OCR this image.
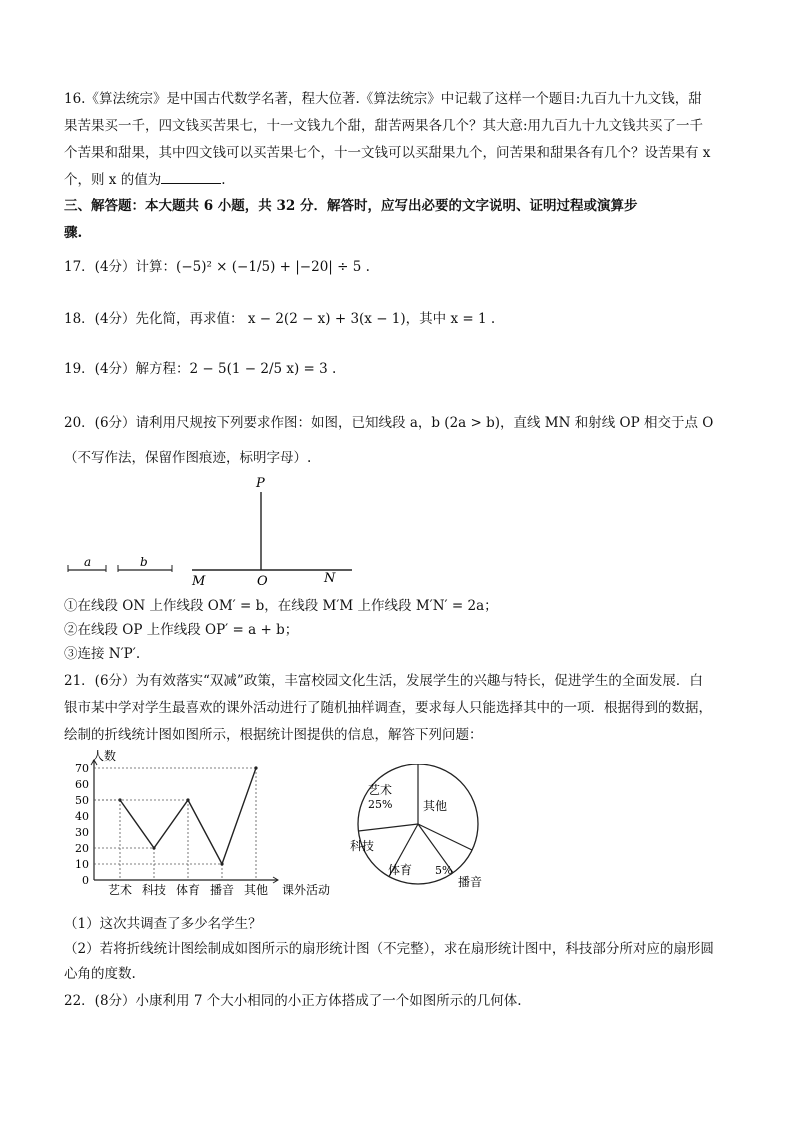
16.《算法统宗》是中国古代数学名著，程大位著.《算法统宗》中记载了这样一个题目:九百九十九文钱，甜
果苦果买一千，四文钱买苦果七，十一文钱九个甜，甜苦两果各几个？其大意:用九百九十九文钱共买了一千
个苦果和甜果，其中四文钱可以买苦果七个，十一文钱可以买甜果九个，问苦果和甜果各有几个？设苦果有 x
个，则 x 的值为	.
三、解答题：本大题共 6 小题，共 32 分．解答时，应写出必要的文字说明、证明过程或演算步
骤.
17．(4分）计算：(−5)² × (−1/5) + |−20| ÷ 5 .
18．(4分）先化简，再求值： x − 2(2 − x) + 3(x − 1)，其中 x = 1 .
19．(4分）解方程：2 − 5(1 − 2/5 x) = 3 .
20．(6分）请利用尺规按下列要求作图：如图，已知线段 a，b (2a > b)，直线 MN 和射线 OP 相交于点 O
（不写作法，保留作图痕迹，标明字母）.
a	b
P
M	O	N
①在线段 ON 上作线段 OM′ = b，在线段 M′M 上作线段 M′N′ = 2a；
②在线段 OP 上作线段 OP′ = a + b；
③连接 N′P′.
21．(6分）为有效落实“双减”政策，丰富校园文化生活，发展学生的兴趣与特长，促进学生的全面发展．白
银市某中学对学生最喜欢的课外活动进行了随机抽样调查，要求每人只能选择其中的一项．根据得到的数据，
绘制的折线统计图如图所示，根据统计图提供的信息，解答下列问题：
人数
课外活动
0
10
20
30
40
50
60
70
艺术 科技 体育 播音 其他
艺术
25%	其他
科技
体育 5%
播音
（1）这次共调查了多少名学生？
（2）若将折线统计图绘制成如图所示的扇形统计图（不完整），求在扇形统计图中，科技部分所对应的扇形圆
心角的度数.
22．(8分）小康利用 7 个大小相同的小正方体搭成了一个如图所示的几何体.
